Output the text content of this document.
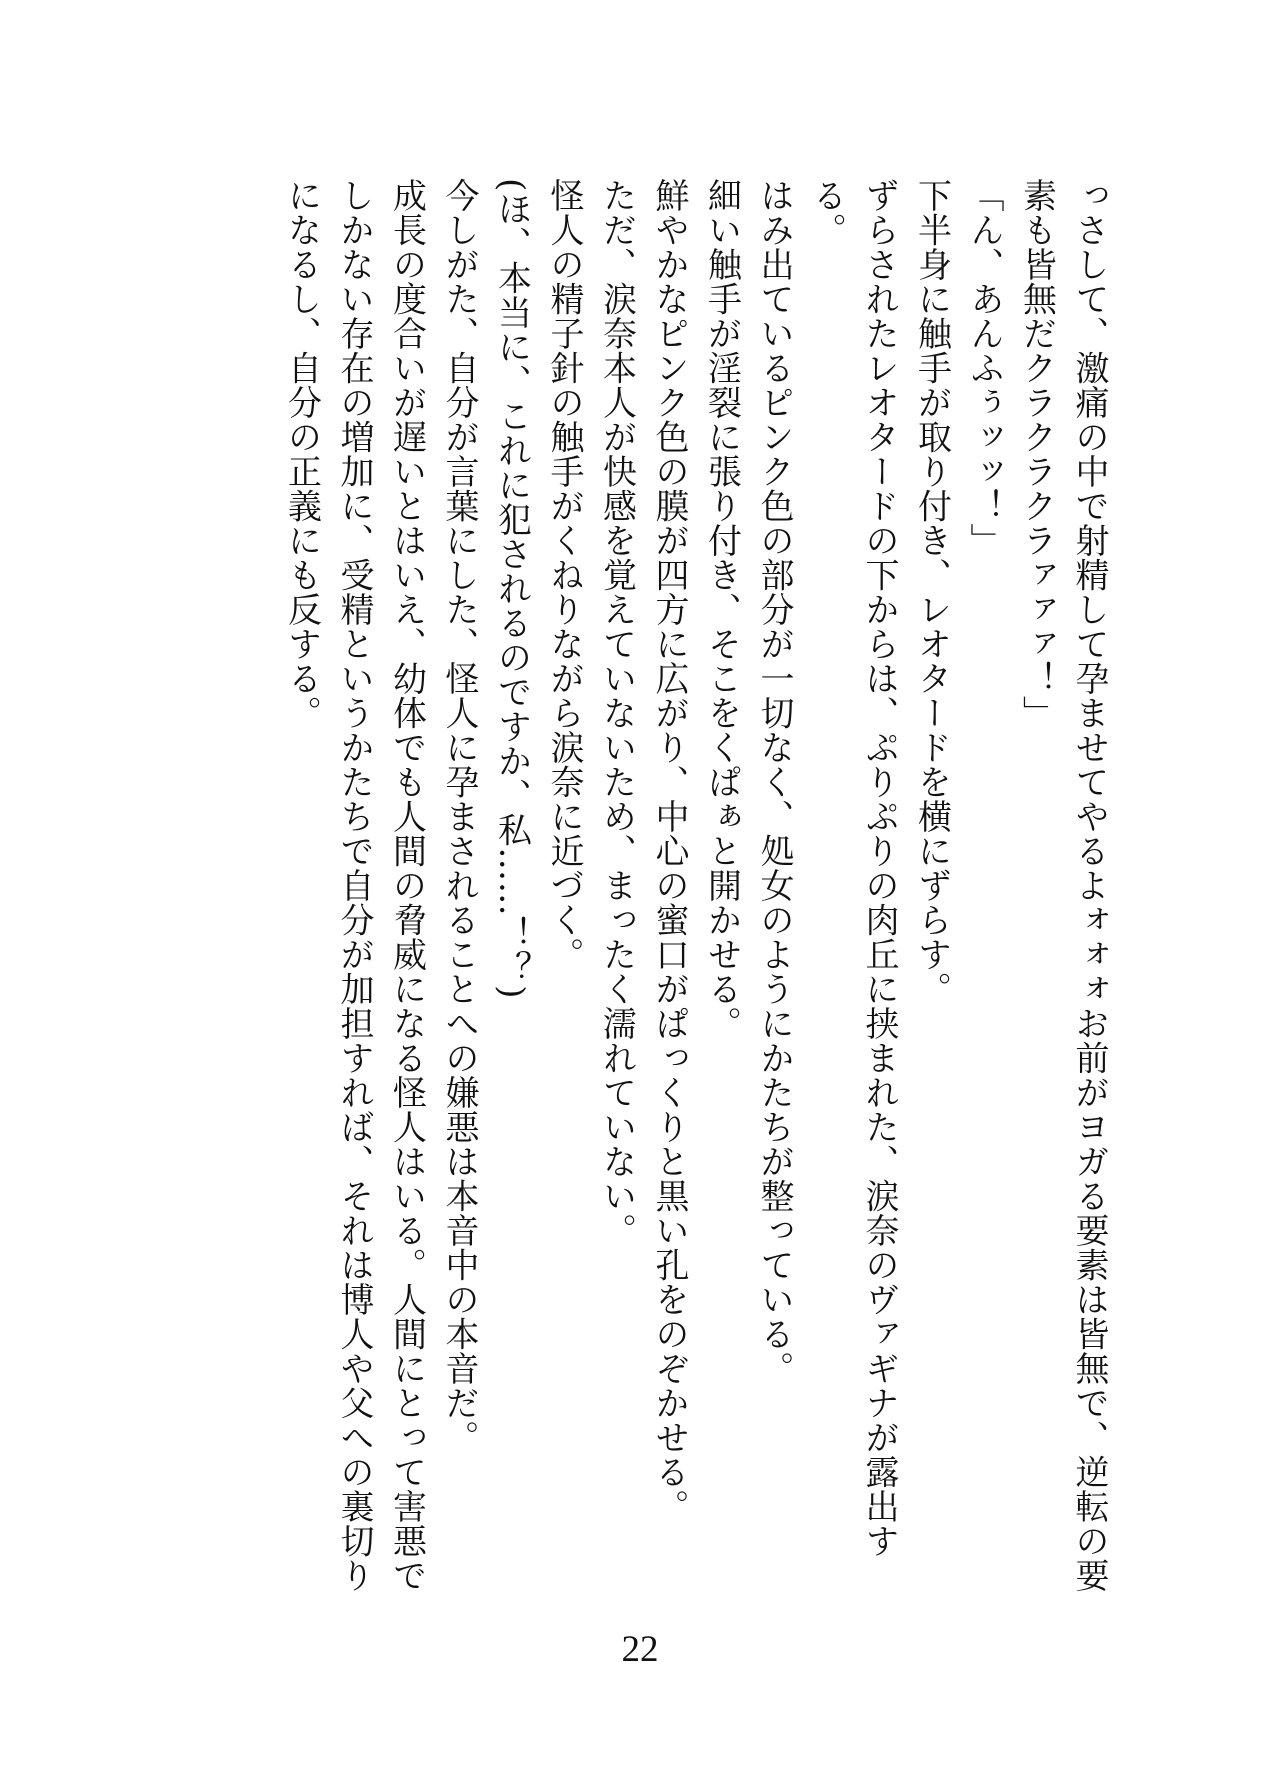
っさして、激痛の中で射精して孕ませてやるよォォォお前がヨガる要素は皆無で、逆転の要素も皆無だクラクラクラァァァ！」

「ん、あんふぅッッ！」

下半身に触手が取り付き、レオタードを横にずらす。

ずらされたレオタードの下からは、ぷりぷりの肉丘に挟まれた、涙奈のヴァギナが露出する。

はみ出ているピンク色の部分が一切なく、処女のようにかたちが整っている。

細い触手が淫裂に張り付き、そこをくぱぁと開かせる。

鮮やかなピンク色の膜が四方に広がり、中心の蜜口がぱっくりと黒い孔をのぞかせる。

ただ、涙奈本人が快感を覚えていないため、まったく濡れていない。

怪人の精子針の触手がくねりながら涙奈に近づく。

(ほ、本当に、これに犯されるのですか、私……！？)

今しがた、自分が言葉にした、怪人に孕まされることへの嫌悪は本音中の本音だ。

成長の度合いが遅いとはいえ、幼体でも人間の脅威になる怪人はいる。人間にとって害悪でしかない存在の増加に、受精というかたちで自分が加担すれば、それは博人や父への裏切りになるし、自分の正義にも反する。

22
